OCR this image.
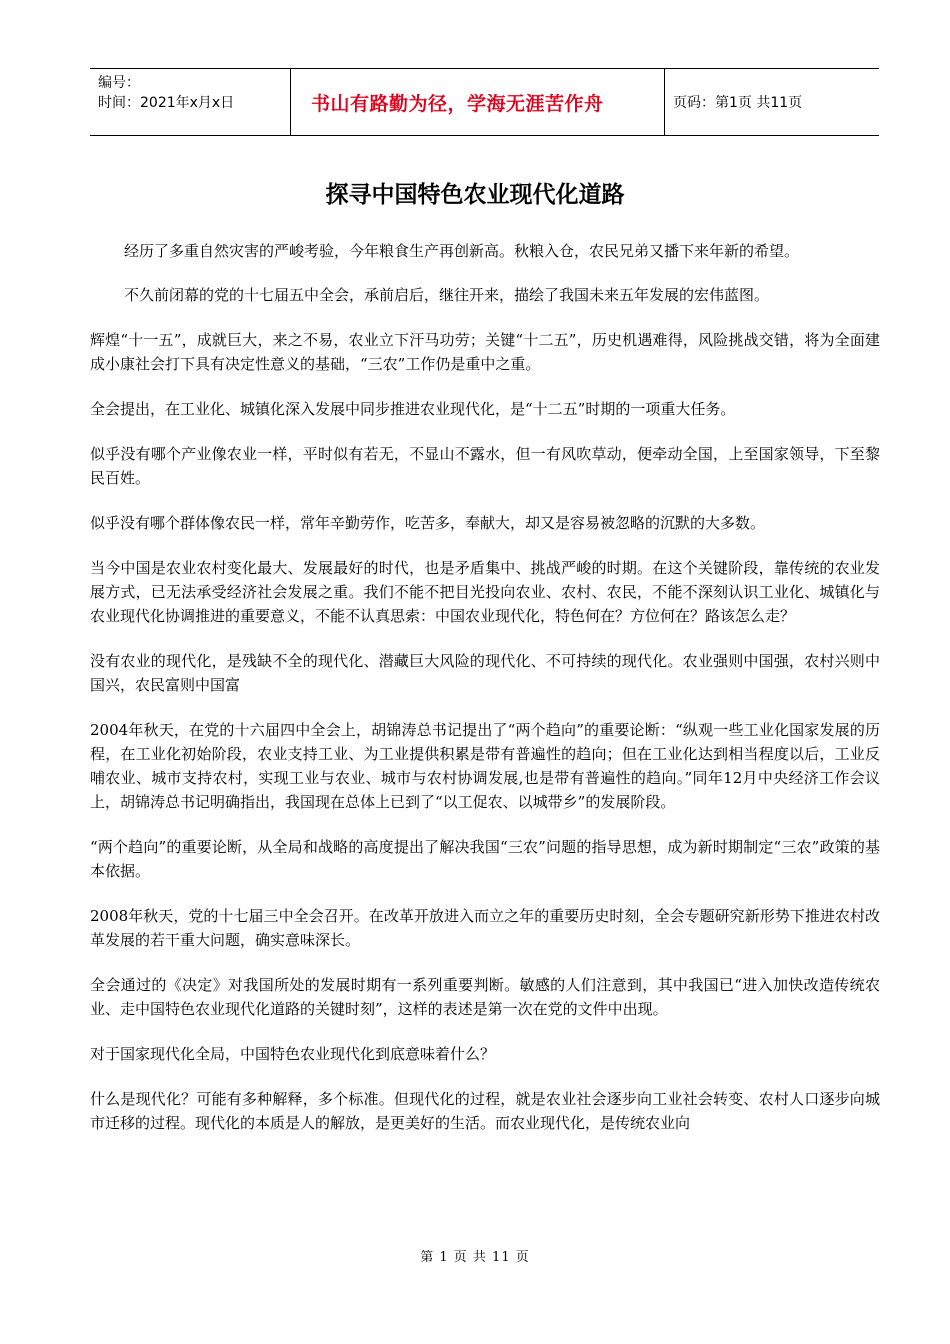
编号：
时间：2021年x月x日	书山有路勤为径，学海无涯苦作舟	页码：第1页 共11页
探寻中国特色农业现代化道路

经历了多重自然灾害的严峻考验，今年粮食生产再创新高。秋粮入仓，农民兄弟又播下来年新的希望。

不久前闭幕的党的十七届五中全会，承前启后，继往开来，描绘了我国未来五年发展的宏伟蓝图。

辉煌“十一五”，成就巨大，来之不易，农业立下汗马功劳；关键“十二五”，历史机遇难得，风险挑战交错，将为全面建成小康社会打下具有决定性意义的基础，“三农”工作仍是重中之重。

全会提出，在工业化、城镇化深入发展中同步推进农业现代化，是“十二五”时期的一项重大任务。

似乎没有哪个产业像农业一样，平时似有若无，不显山不露水，但一有风吹草动，便牵动全国，上至国家领导，下至黎民百姓。

似乎没有哪个群体像农民一样，常年辛勤劳作，吃苦多，奉献大，却又是容易被忽略的沉默的大多数。

当今中国是农业农村变化最大、发展最好的时代，也是矛盾集中、挑战严峻的时期。在这个关键阶段，靠传统的农业发展方式，已无法承受经济社会发展之重。我们不能不把目光投向农业、农村、农民，不能不深刻认识工业化、城镇化与农业现代化协调推进的重要意义，不能不认真思索：中国农业现代化，特色何在？方位何在？路该怎么走？

没有农业的现代化，是残缺不全的现代化、潜藏巨大风险的现代化、不可持续的现代化。农业强则中国强，农村兴则中国兴，农民富则中国富

2004年秋天，在党的十六届四中全会上，胡锦涛总书记提出了“两个趋向”的重要论断：“纵观一些工业化国家发展的历程，在工业化初始阶段，农业支持工业、为工业提供积累是带有普遍性的趋向；但在工业化达到相当程度以后，工业反哺农业、城市支持农村，实现工业与农业、城市与农村协调发展,也是带有普遍性的趋向。”同年12月中央经济工作会议上，胡锦涛总书记明确指出，我国现在总体上已到了“以工促农、以城带乡”的发展阶段。

“两个趋向”的重要论断，从全局和战略的高度提出了解决我国“三农”问题的指导思想，成为新时期制定“三农”政策的基本依据。

2008年秋天，党的十七届三中全会召开。在改革开放进入而立之年的重要历史时刻，全会专题研究新形势下推进农村改革发展的若干重大问题，确实意味深长。

全会通过的《决定》对我国所处的发展时期有一系列重要判断。敏感的人们注意到，其中我国已“进入加快改造传统农业、走中国特色农业现代化道路的关键时刻”，这样的表述是第一次在党的文件中出现。

对于国家现代化全局，中国特色农业现代化到底意味着什么？

什么是现代化？可能有多种解释，多个标准。但现代化的过程，就是农业社会逐步向工业社会转变、农村人口逐步向城市迁移的过程。现代化的本质是人的解放，是更美好的生活。而农业现代化，是传统农业向

第 1 页 共 11 页
